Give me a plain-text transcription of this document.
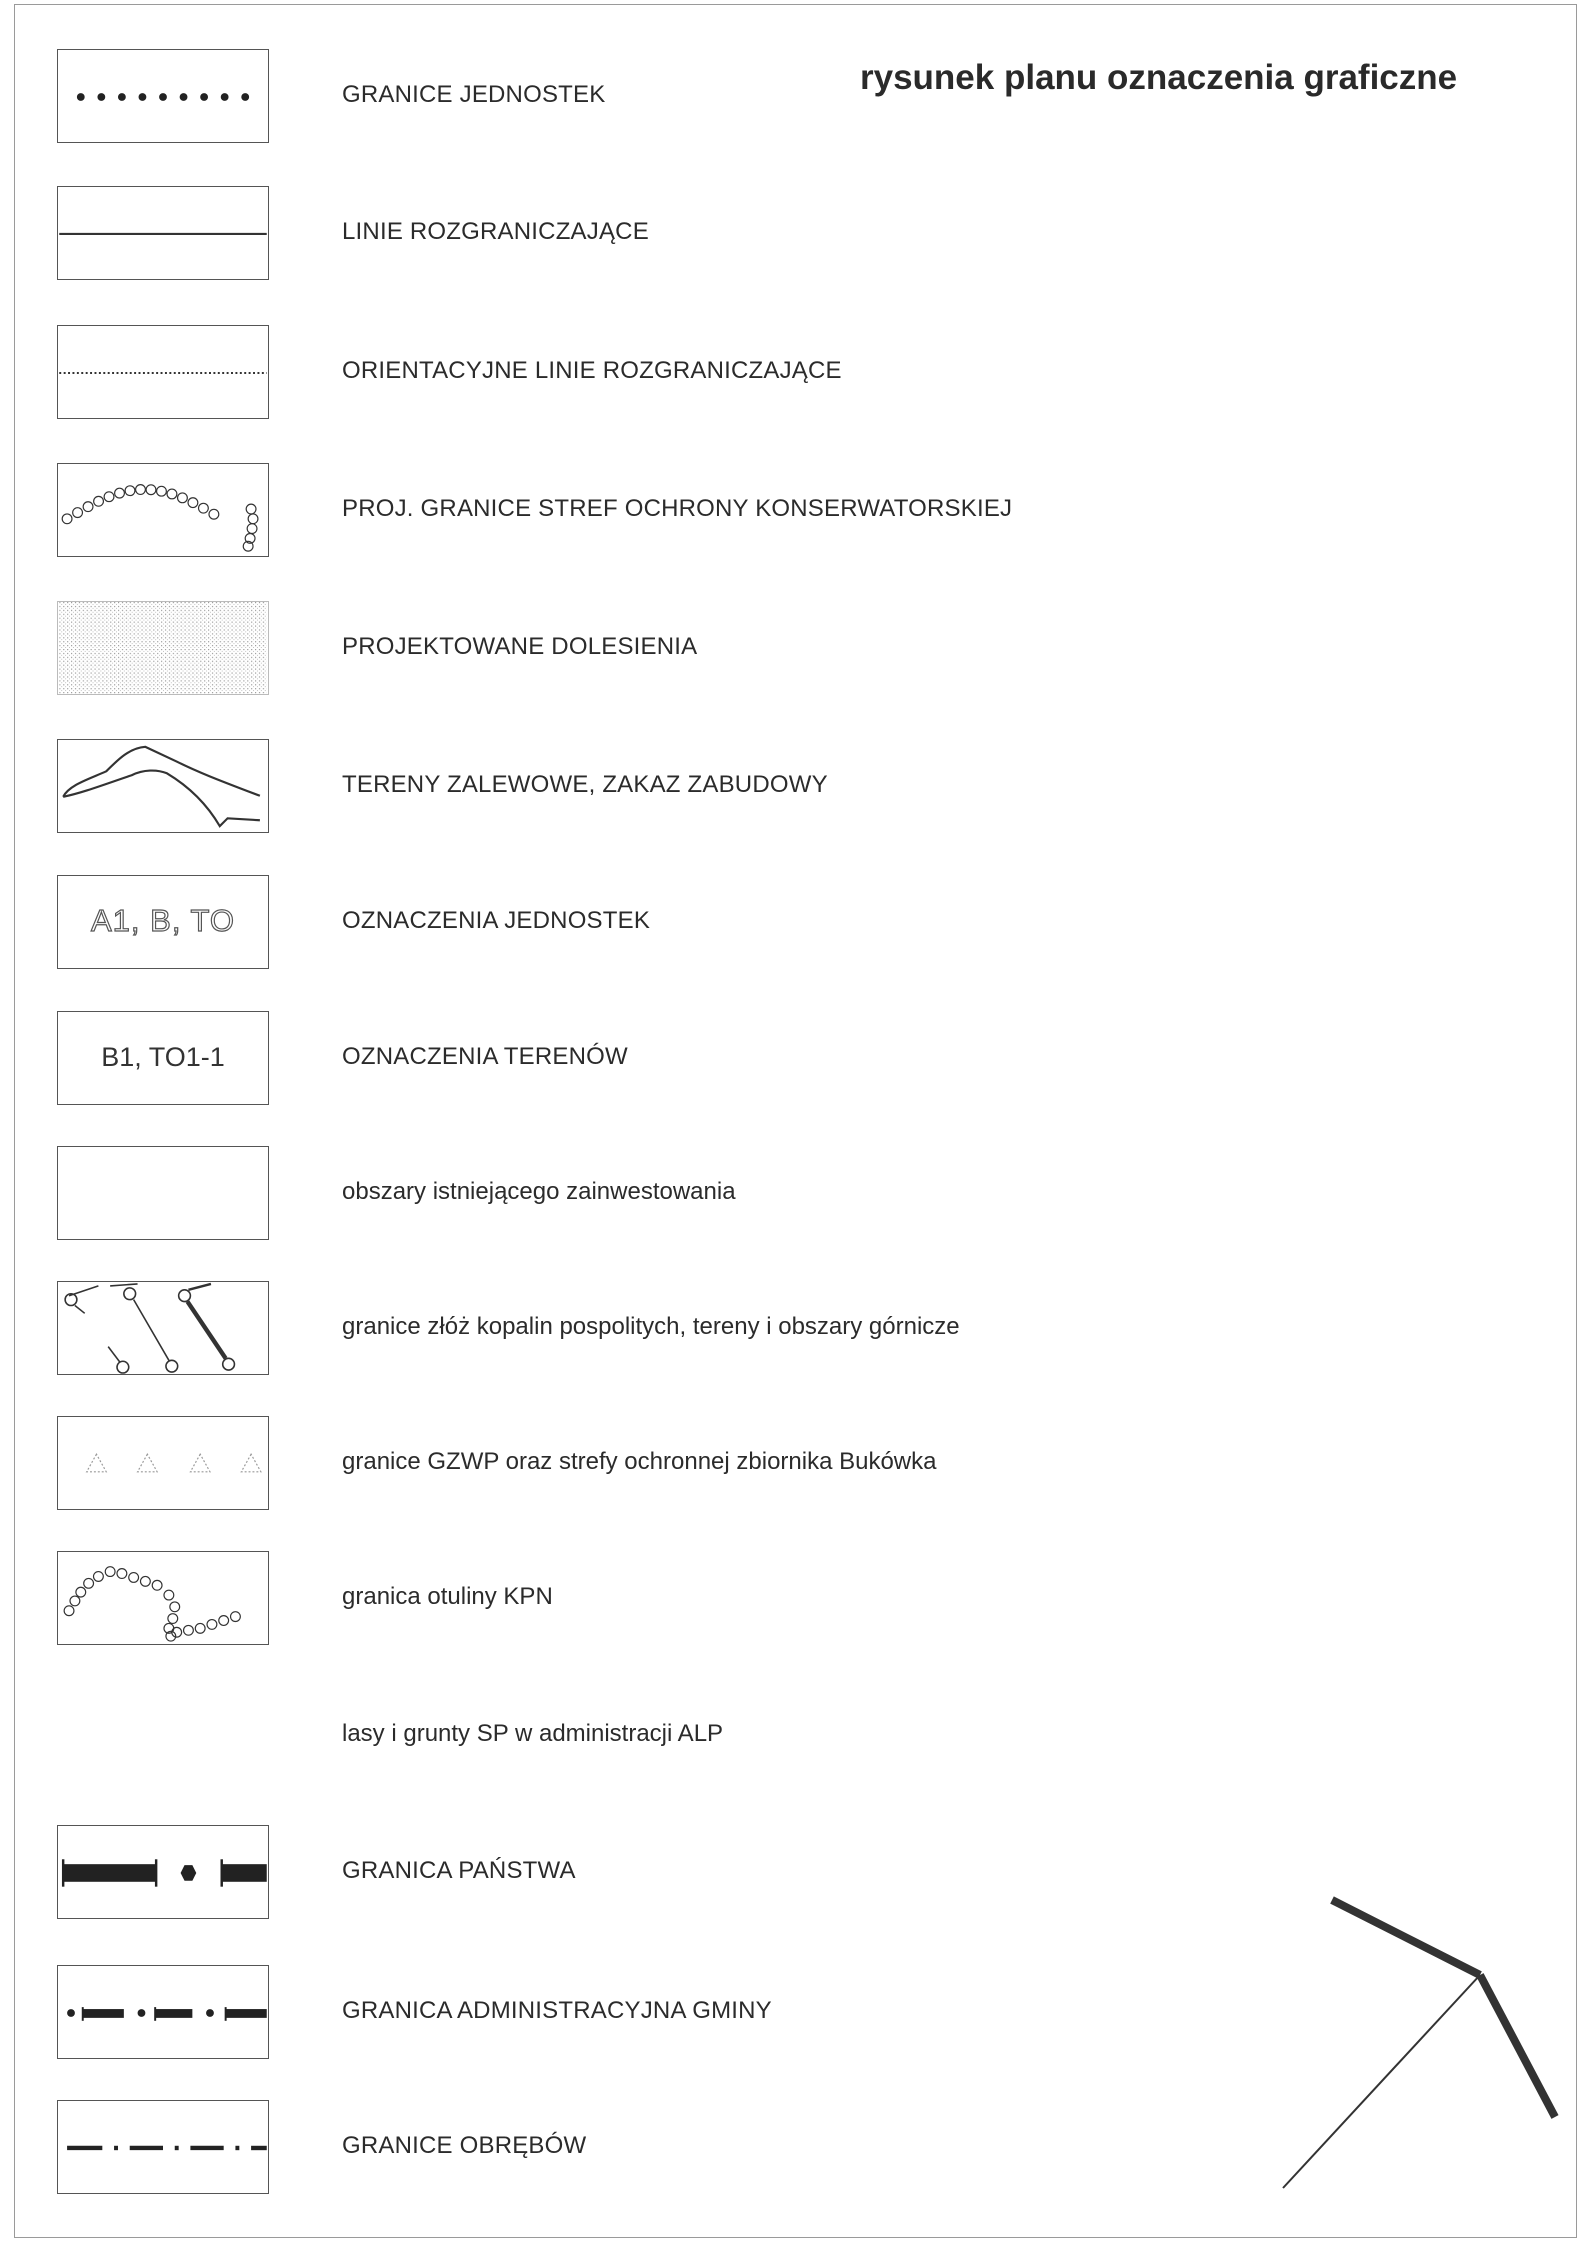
rysunek planu oznaczenia graficzne
GRANICE JEDNOSTEK
LINIE ROZGRANICZAJĄCE
ORIENTACYJNE LINIE ROZGRANICZAJĄCE
PROJ. GRANICE STREF OCHRONY KONSERWATORSKIEJ
PROJEKTOWANE DOLESIENIA
TERENY ZALEWOWE, ZAKAZ ZABUDOWY
A1, B, TO	OZNACZENIA JEDNOSTEK
B1, TO1-1	OZNACZENIA TERENÓW
obszary istniejącego zainwestowania
granice złóż kopalin pospolitych, tereny i obszary górnicze
granice GZWP oraz strefy ochronnej zbiornika Bukówka
granica otuliny KPN
lasy i grunty SP w administracji ALP
GRANICA PAŃSTWA
GRANICA ADMINISTRACYJNA GMINY
GRANICE OBRĘBÓW
